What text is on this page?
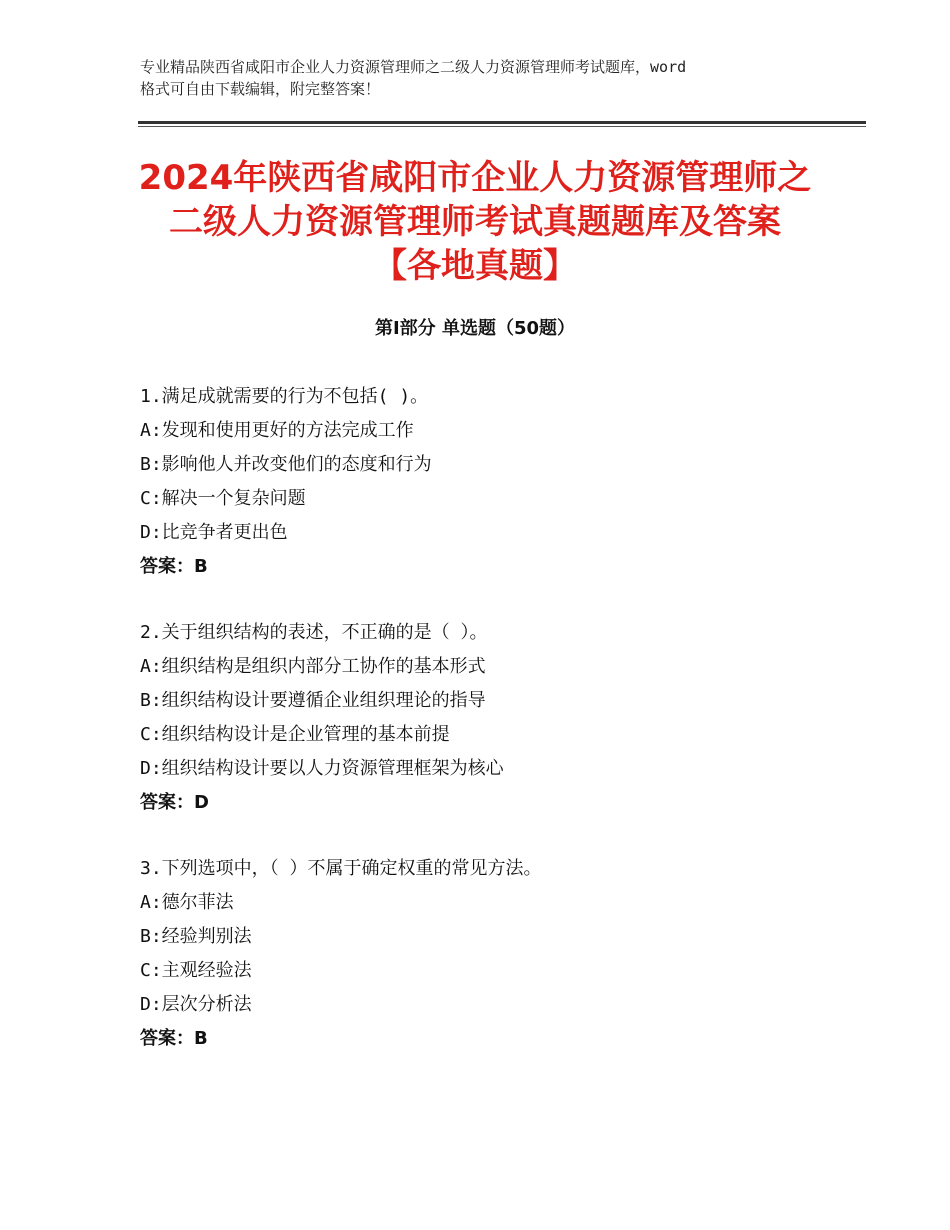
专业精品陕西省咸阳市企业人力资源管理师之二级人力资源管理师考试题库，word
格式可自由下载编辑，附完整答案！
2024年陕西省咸阳市企业人力资源管理师之
二级人力资源管理师考试真题题库及答案
【各地真题】
第Ⅰ部分 单选题（50题）
1.满足成就需要的行为不包括( )。
A:发现和使用更好的方法完成工作
B:影响他人并改变他们的态度和行为
C:解决一个复杂问题
D:比竞争者更出色
答案：B
2.关于组织结构的表述，不正确的是（ ）。
A:组织结构是组织内部分工协作的基本形式
B:组织结构设计要遵循企业组织理论的指导
C:组织结构设计是企业管理的基本前提
D:组织结构设计要以人力资源管理框架为核心
答案：D
3.下列选项中，（ ）不属于确定权重的常见方法。
A:德尔菲法
B:经验判别法
C:主观经验法
D:层次分析法
答案：B
